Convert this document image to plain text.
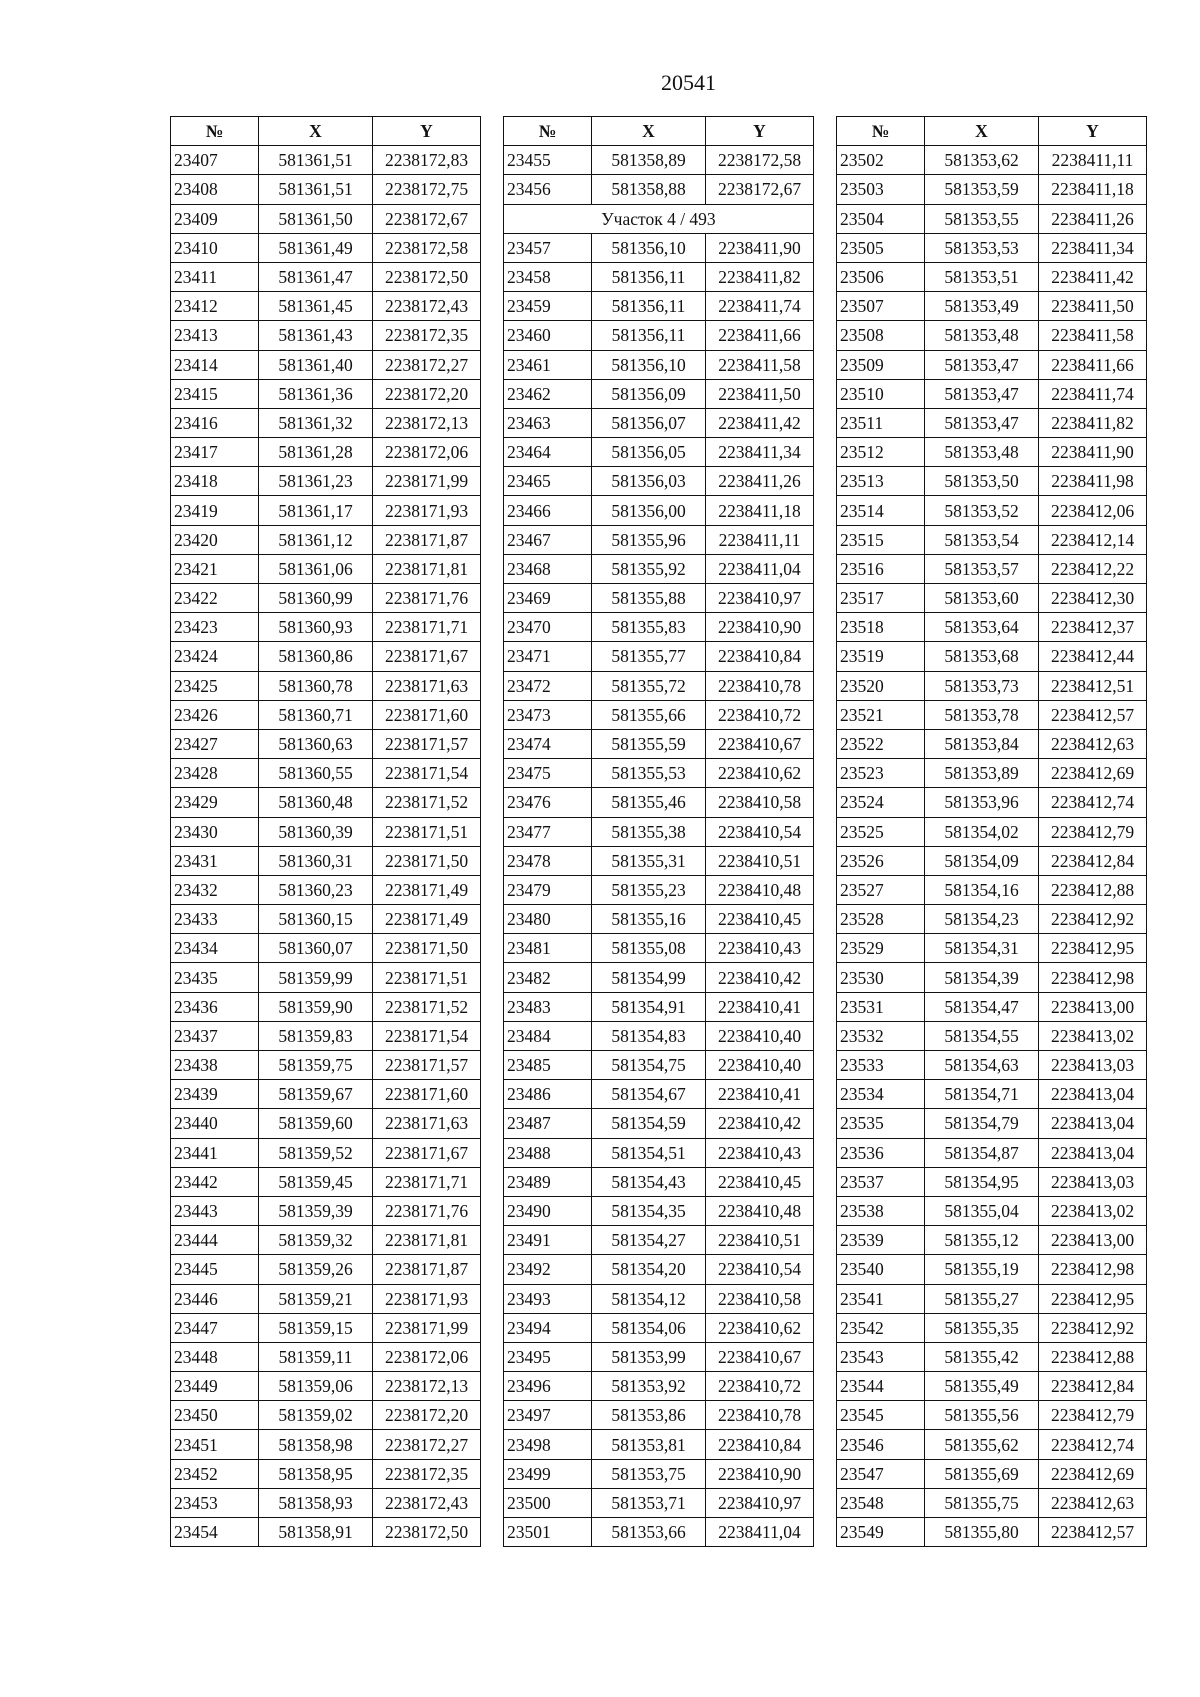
20541
№	X	Y
23407	581361,51	2238172,83
23408	581361,51	2238172,75
23409	581361,50	2238172,67
23410	581361,49	2238172,58
23411	581361,47	2238172,50
23412	581361,45	2238172,43
23413	581361,43	2238172,35
23414	581361,40	2238172,27
23415	581361,36	2238172,20
23416	581361,32	2238172,13
23417	581361,28	2238172,06
23418	581361,23	2238171,99
23419	581361,17	2238171,93
23420	581361,12	2238171,87
23421	581361,06	2238171,81
23422	581360,99	2238171,76
23423	581360,93	2238171,71
23424	581360,86	2238171,67
23425	581360,78	2238171,63
23426	581360,71	2238171,60
23427	581360,63	2238171,57
23428	581360,55	2238171,54
23429	581360,48	2238171,52
23430	581360,39	2238171,51
23431	581360,31	2238171,50
23432	581360,23	2238171,49
23433	581360,15	2238171,49
23434	581360,07	2238171,50
23435	581359,99	2238171,51
23436	581359,90	2238171,52
23437	581359,83	2238171,54
23438	581359,75	2238171,57
23439	581359,67	2238171,60
23440	581359,60	2238171,63
23441	581359,52	2238171,67
23442	581359,45	2238171,71
23443	581359,39	2238171,76
23444	581359,32	2238171,81
23445	581359,26	2238171,87
23446	581359,21	2238171,93
23447	581359,15	2238171,99
23448	581359,11	2238172,06
23449	581359,06	2238172,13
23450	581359,02	2238172,20
23451	581358,98	2238172,27
23452	581358,95	2238172,35
23453	581358,93	2238172,43
23454	581358,91	2238172,50
№	X	Y
23455	581358,89	2238172,58
23456	581358,88	2238172,67
Участок 4 / 493		
23457	581356,10	2238411,90
23458	581356,11	2238411,82
23459	581356,11	2238411,74
23460	581356,11	2238411,66
23461	581356,10	2238411,58
23462	581356,09	2238411,50
23463	581356,07	2238411,42
23464	581356,05	2238411,34
23465	581356,03	2238411,26
23466	581356,00	2238411,18
23467	581355,96	2238411,11
23468	581355,92	2238411,04
23469	581355,88	2238410,97
23470	581355,83	2238410,90
23471	581355,77	2238410,84
23472	581355,72	2238410,78
23473	581355,66	2238410,72
23474	581355,59	2238410,67
23475	581355,53	2238410,62
23476	581355,46	2238410,58
23477	581355,38	2238410,54
23478	581355,31	2238410,51
23479	581355,23	2238410,48
23480	581355,16	2238410,45
23481	581355,08	2238410,43
23482	581354,99	2238410,42
23483	581354,91	2238410,41
23484	581354,83	2238410,40
23485	581354,75	2238410,40
23486	581354,67	2238410,41
23487	581354,59	2238410,42
23488	581354,51	2238410,43
23489	581354,43	2238410,45
23490	581354,35	2238410,48
23491	581354,27	2238410,51
23492	581354,20	2238410,54
23493	581354,12	2238410,58
23494	581354,06	2238410,62
23495	581353,99	2238410,67
23496	581353,92	2238410,72
23497	581353,86	2238410,78
23498	581353,81	2238410,84
23499	581353,75	2238410,90
23500	581353,71	2238410,97
23501	581353,66	2238411,04
№	X	Y
23502	581353,62	2238411,11
23503	581353,59	2238411,18
23504	581353,55	2238411,26
23505	581353,53	2238411,34
23506	581353,51	2238411,42
23507	581353,49	2238411,50
23508	581353,48	2238411,58
23509	581353,47	2238411,66
23510	581353,47	2238411,74
23511	581353,47	2238411,82
23512	581353,48	2238411,90
23513	581353,50	2238411,98
23514	581353,52	2238412,06
23515	581353,54	2238412,14
23516	581353,57	2238412,22
23517	581353,60	2238412,30
23518	581353,64	2238412,37
23519	581353,68	2238412,44
23520	581353,73	2238412,51
23521	581353,78	2238412,57
23522	581353,84	2238412,63
23523	581353,89	2238412,69
23524	581353,96	2238412,74
23525	581354,02	2238412,79
23526	581354,09	2238412,84
23527	581354,16	2238412,88
23528	581354,23	2238412,92
23529	581354,31	2238412,95
23530	581354,39	2238412,98
23531	581354,47	2238413,00
23532	581354,55	2238413,02
23533	581354,63	2238413,03
23534	581354,71	2238413,04
23535	581354,79	2238413,04
23536	581354,87	2238413,04
23537	581354,95	2238413,03
23538	581355,04	2238413,02
23539	581355,12	2238413,00
23540	581355,19	2238412,98
23541	581355,27	2238412,95
23542	581355,35	2238412,92
23543	581355,42	2238412,88
23544	581355,49	2238412,84
23545	581355,56	2238412,79
23546	581355,62	2238412,74
23547	581355,69	2238412,69
23548	581355,75	2238412,63
23549	581355,80	2238412,57
